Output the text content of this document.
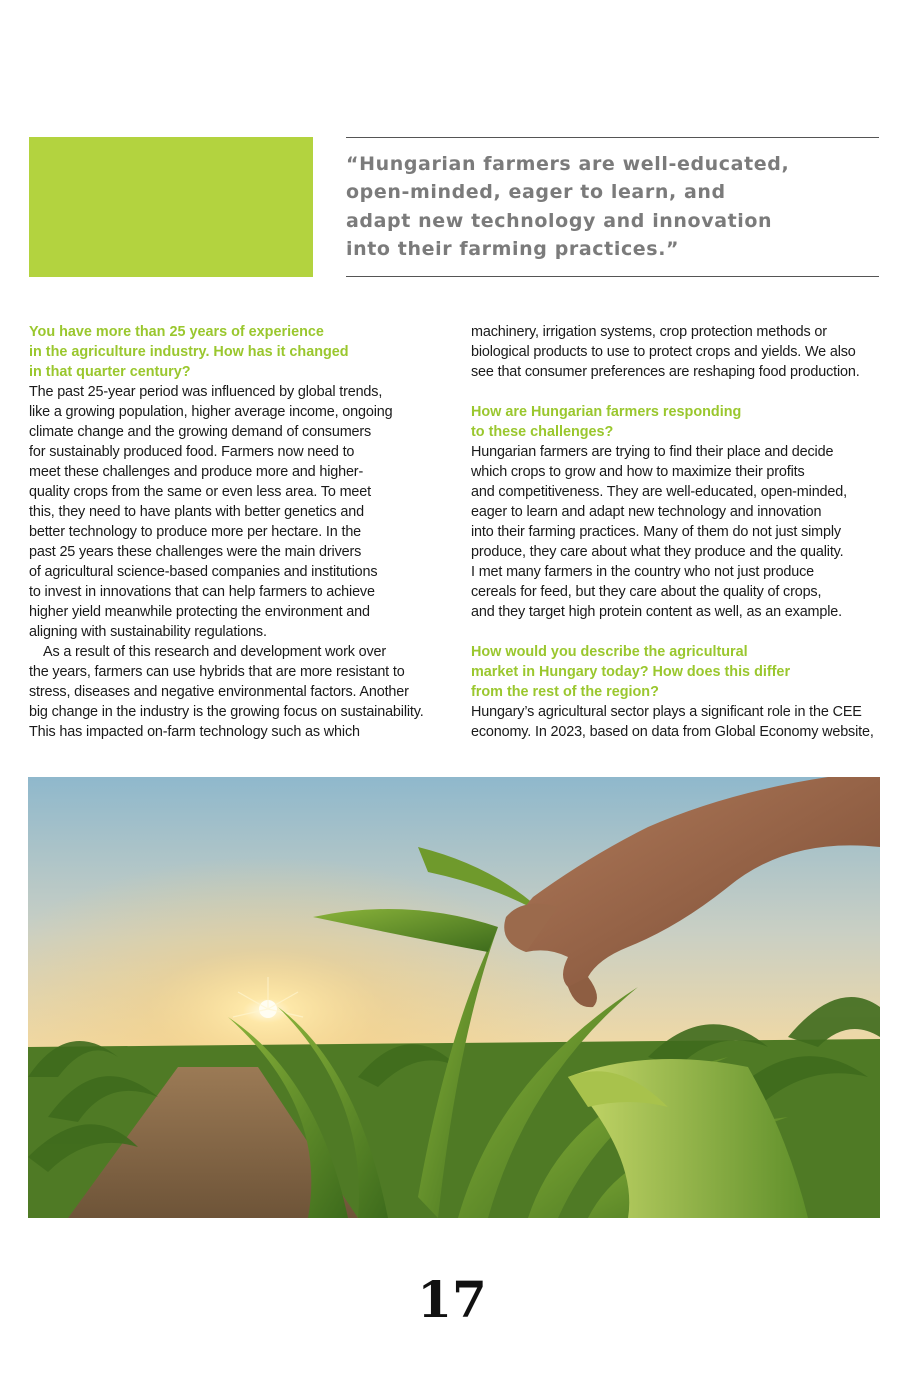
“Hungarian farmers are well-educated,
open-minded, eager to learn, and
adapt new technology and innovation
into their farming practices.”
You have more than 25 years of experience
in the agriculture industry. How has it changed
in that quarter century?
The past 25-year period was influenced by global trends,
like a growing population, higher average income, ongoing
climate change and the growing demand of consumers
for sustainably produced food. Farmers now need to
meet these challenges and produce more and higher-
quality crops from the same or even less area. To meet
this, they need to have plants with better genetics and
better technology to produce more per hectare. In the
past 25 years these challenges were the main drivers
of agricultural science-based companies and institutions
to invest in innovations that can help farmers to achieve
higher yield meanwhile protecting the environment and
aligning with sustainability regulations.
As a result of this research and development work over
the years, farmers can use hybrids that are more resistant to
stress, diseases and negative environmental factors. Another
big change in the industry is the growing focus on sustainability.
This has impacted on-farm technology such as which
machinery, irrigation systems, crop protection methods or
biological products to use to protect crops and yields. We also
see that consumer preferences are reshaping food production.
How are Hungarian farmers responding
to these challenges?
Hungarian farmers are trying to find their place and decide
which crops to grow and how to maximize their profits
and competitiveness. They are well-educated, open-minded,
eager to learn and adapt new technology and innovation
into their farming practices. Many of them do not just simply
produce, they care about what they produce and the quality.
I met many farmers in the country who not just produce
cereals for feed, but they care about the quality of crops,
and they target high protein content as well, as an example.
How would you describe the agricultural
market in Hungary today? How does this differ
from the rest of the region?
Hungary’s agricultural sector plays a significant role in the CEE
economy. In 2023, based on data from Global Economy website,
17
